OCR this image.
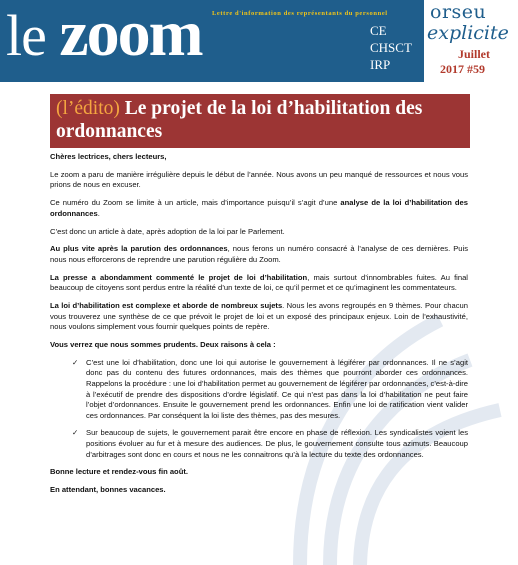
le zoom Lettre d'information des représentants du personnel
CE
CHSCT
IRP
orseu
explicite
Juillet
2017 #59
(l’édito) Le projet de la loi d’habilitation des ordonnances

Chères lectrices, chers lecteurs,

Le zoom a paru de manière irrégulière depuis le début de l’année. Nous avons un peu manqué de ressources et nous vous prions de nous en excuser.

Ce numéro du Zoom se limite à un article, mais d’importance puisqu’il s’agit d’une analyse de la loi d’habilitation des ordonnances.

C’est donc un article à date, après adoption de la loi par le Parlement.

Au plus vite après la parution des ordonnances, nous ferons un numéro consacré à l’analyse de ces dernières. Puis nous nous efforcerons de reprendre une parution régulière du Zoom.

La presse a abondamment commenté le projet de loi d’habilitation, mais surtout d’innombrables fuites. Au final beaucoup de citoyens sont perdus entre la réalité d’un texte de loi, ce qu’il permet et ce qu’imaginent les commentateurs.

La loi d’habilitation est complexe et aborde de nombreux sujets. Nous les avons regroupés en 9 thèmes. Pour chacun vous trouverez une synthèse de ce que prévoit le projet de loi et un exposé des principaux enjeux. Loin de l’exhaustivité, nous voulons simplement vous fournir quelques points de repère.

Vous verrez que nous sommes prudents. Deux raisons à cela :

✓ C’est une loi d’habilitation, donc une loi qui autorise le gouvernement à légiférer par ordonnances. Il ne s’agit donc pas du contenu des futures ordonnances, mais des thèmes que pourront aborder ces ordonnances. Rappelons la procédure : une loi d’habilitation permet au gouvernement de légiférer par ordonnances, c’est-à-dire à l’exécutif de prendre des dispositions d’ordre législatif. Ce qui n’est pas dans la loi d’habilitation ne peut faire l’objet d’ordonnances. Ensuite le gouvernement prend les ordonnances. Enfin une loi de ratification vient valider ces ordonnances. Par conséquent la loi liste des thèmes, pas des mesures.
✓ Sur beaucoup de sujets, le gouvernement parait être encore en phase de réflexion. Les syndicalistes voient les positions évoluer au fur et à mesure des audiences. De plus, le gouvernement consulte tous azimuts. Beaucoup d’arbitrages sont donc en cours et nous ne les connaitrons qu’à la lecture du texte des ordonnances.

Bonne lecture et rendez-vous fin août.

En attendant, bonnes vacances.
